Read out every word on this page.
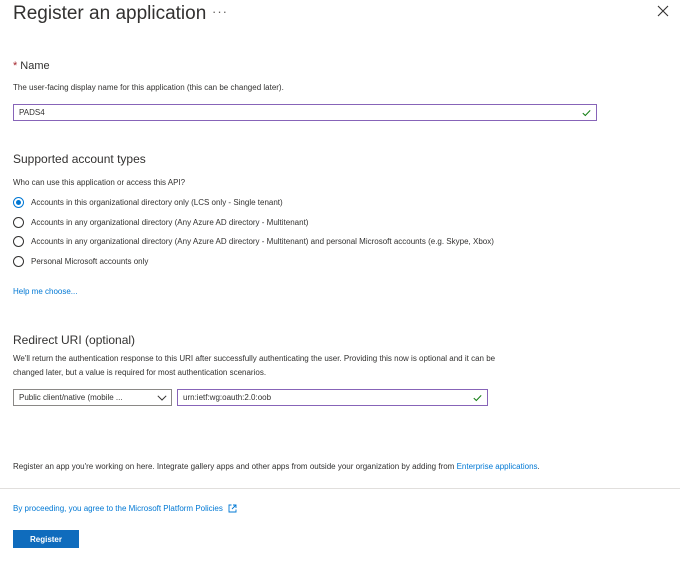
Register an application ···
* Name
The user-facing display name for this application (this can be changed later).
PADS4
Supported account types
Who can use this application or access this API?
Accounts in this organizational directory only (LCS only - Single tenant)
Accounts in any organizational directory (Any Azure AD directory - Multitenant)
Accounts in any organizational directory (Any Azure AD directory - Multitenant) and personal Microsoft accounts (e.g. Skype, Xbox)
Personal Microsoft accounts only
Help me choose...
Redirect URI (optional)
We'll return the authentication response to this URI after successfully authenticating the user. Providing this now is optional and it can be
changed later, but a value is required for most authentication scenarios.
Public client/native (mobile ...	urn:ietf:wg:oauth:2.0:oob
Register an app you're working on here. Integrate gallery apps and other apps from outside your organization by adding from Enterprise applications.
By proceeding, you agree to the Microsoft Platform Policies
Register
